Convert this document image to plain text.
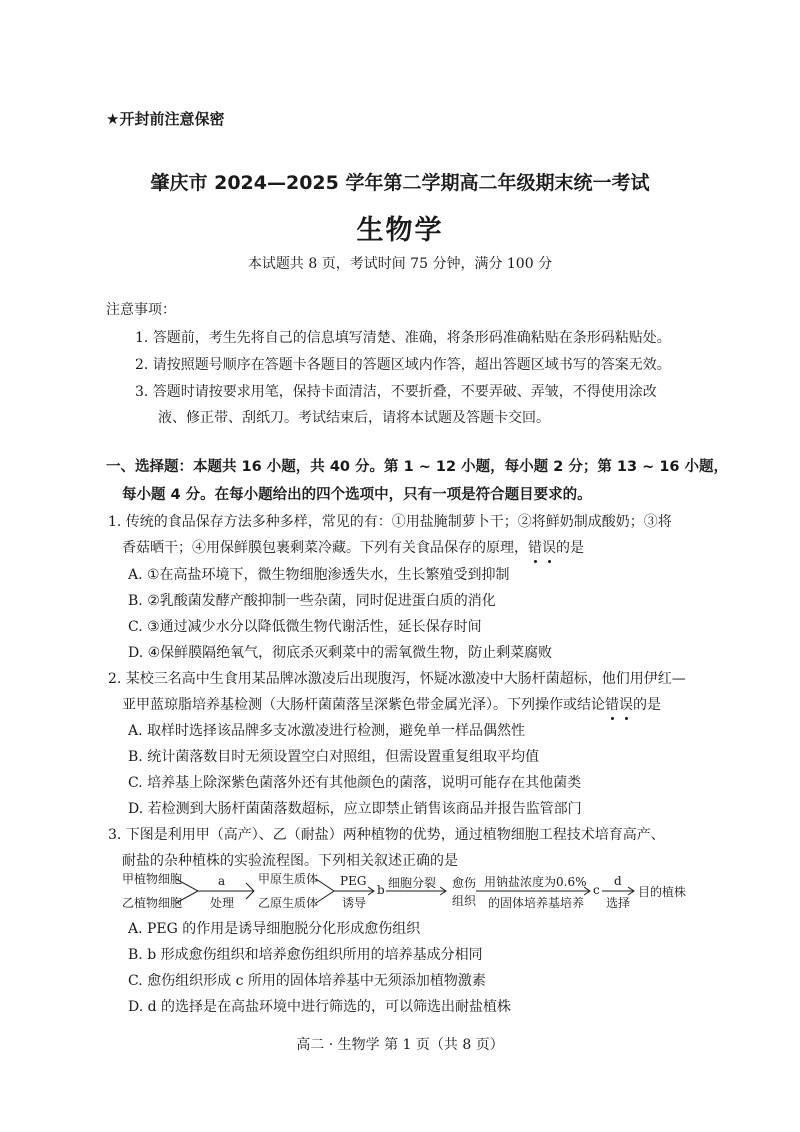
★开封前注意保密
肇庆市 2024—2025 学年第二学期高二年级期末统一考试
生物学
本试题共 8 页，考试时间 75 分钟，满分 100 分
注意事项：
1. 答题前，考生先将自己的信息填写清楚、准确，将条形码准确粘贴在条形码粘贴处。
2. 请按照题号顺序在答题卡各题目的答题区域内作答，超出答题区域书写的答案无效。
3. 答题时请按要求用笔，保持卡面清洁，不要折叠，不要弄破、弄皱，不得使用涂改
液、修正带、刮纸刀。考试结束后，请将本试题及答题卡交回。
一、选择题：本题共 16 小题，共 40 分。第 1 ~ 12 小题，每小题 2 分；第 13 ~ 16 小题，
每小题 4 分。在每小题给出的四个选项中，只有一项是符合题目要求的。
1. 传统的食品保存方法多种多样，常见的有：①用盐腌制萝卜干；②将鲜奶制成酸奶；③将
香菇晒干；④用保鲜膜包裹剩菜冷藏。下列有关食品保存的原理，错误的是
A. ①在高盐环境下，微生物细胞渗透失水，生长繁殖受到抑制
B. ②乳酸菌发酵产酸抑制一些杂菌，同时促进蛋白质的消化
C. ③通过减少水分以降低微生物代谢活性，延长保存时间
D. ④保鲜膜隔绝氧气，彻底杀灭剩菜中的需氧微生物，防止剩菜腐败
2. 某校三名高中生食用某品牌冰激凌后出现腹泻，怀疑冰激凌中大肠杆菌超标，他们用伊红—
亚甲蓝琼脂培养基检测（大肠杆菌菌落呈深紫色带金属光泽）。下列操作或结论错误的是
A. 取样时选择该品牌多支冰激凌进行检测，避免单一样品偶然性
B. 统计菌落数目时无须设置空白对照组，但需设置重复组取平均值
C. 培养基上除深紫色菌落外还有其他颜色的菌落，说明可能存在其他菌类
D. 若检测到大肠杆菌菌落数超标，应立即禁止销售该商品并报告监管部门
3. 下图是利用甲（高产）、乙（耐盐）两种植物的优势，通过植物细胞工程技术培育高产、
耐盐的杂种植株的实验流程图。下列相关叙述正确的是
甲植物细胞
乙植物细胞
a
处理
甲原生质体
乙原生质体
PEG
诱导
b 细胞分裂 愈伤
组织
用钠盐浓度为0.6%
的固体培养基培养
c
d
选择
目的植株
A. PEG 的作用是诱导细胞脱分化形成愈伤组织
B. b 形成愈伤组织和培养愈伤组织所用的培养基成分相同
C. 愈伤组织形成 c 所用的固体培养基中无须添加植物激素
D. d 的选择是在高盐环境中进行筛选的，可以筛选出耐盐植株
高二 · 生物学 第 1 页（共 8 页）
